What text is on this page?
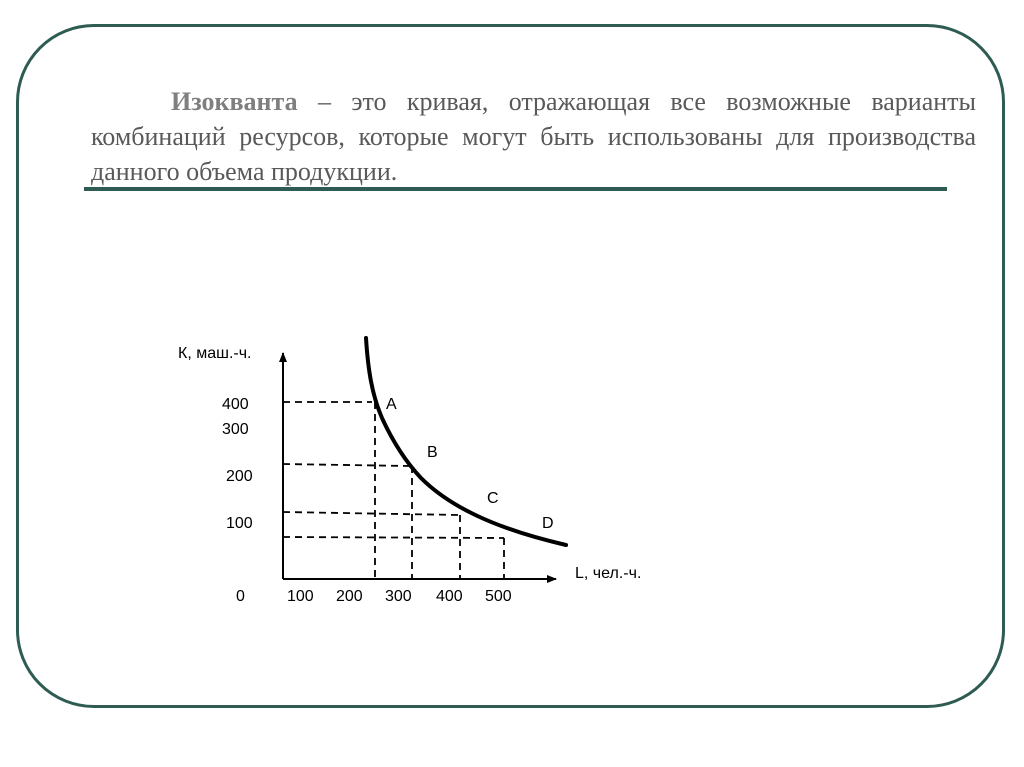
Изокванта – это кривая, отражающая все возможные варианты комбинаций ресурсов, которые могут быть использованы для производства данного объема продукции.

К, маш.-ч.
L, чел.-ч.
0
400
300
200
100
100 200 300 400 500
A
B
C
D
